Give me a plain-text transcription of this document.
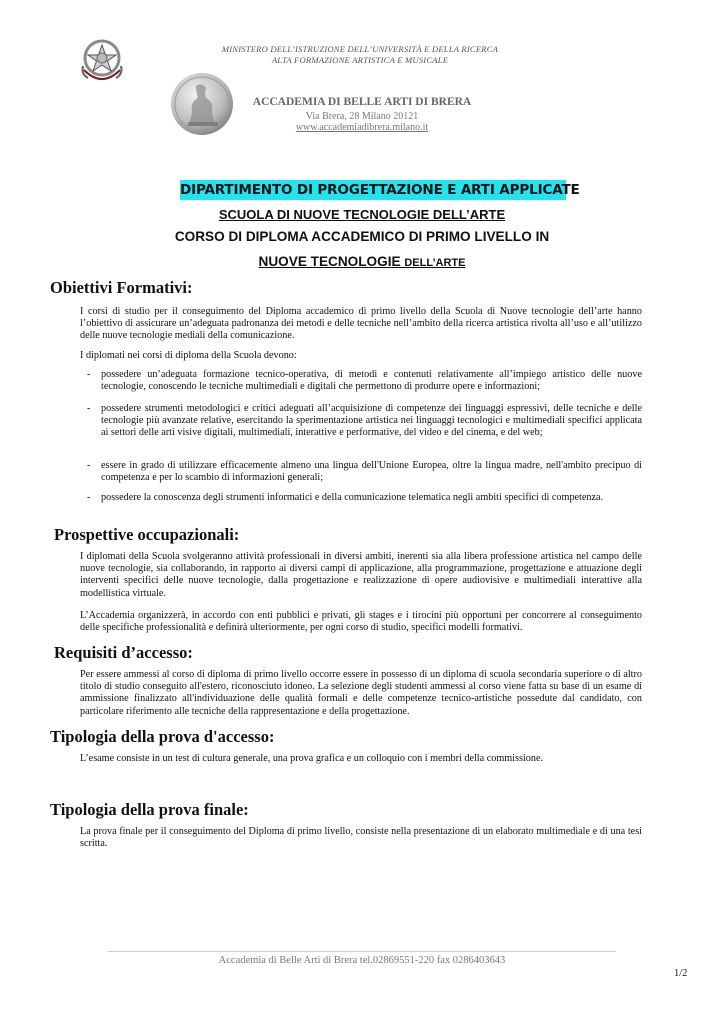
MINISTERO DELL’ISTRUZIONE DELL’UNIVERSITÀ E DELLA RICERCA
ALTA FORMAZIONE ARTISTICA E MUSICALE
ACCADEMIA DI BELLE ARTI DI BRERA
Via Brera, 28 Milano 20121
www.accademiadibrera.milano.it
DIPARTIMENTO DI PROGETTAZIONE E ARTI APPLICATE
SCUOLA DI NUOVE TECNOLOGIE DELL’ARTE
CORSO DI DIPLOMA ACCADEMICO DI PRIMO LIVELLO IN
NUOVE TECNOLOGIE DELL’ARTE
Obiettivi Formativi:

I corsi di studio per il conseguimento del Diploma accademico di primo livello della Scuola di Nuove tecnologie dell’arte hanno l’obiettivo di assicurare un’adeguata padronanza dei metodi e delle tecniche nell’ambito della ricerca artistica rivolta all’uso e all’utilizzo delle nuove tecnologie mediali della comunicazione.

I diplomati nei corsi di diploma della Scuola devono:

- possedere un’adeguata formazione tecnico-operativa, di metodi e contenuti relativamente all’impiego artistico delle nuove tecnologie, conoscendo le tecniche multimediali e digitali che permettono di produrre opere e informazioni;
- possedere strumenti metodologici e critici adeguati all’acquisizione di competenze dei linguaggi espressivi, delle tecniche e delle tecnologie più avanzate relative, esercitando la sperimentazione artistica nei linguaggi tecnologici e multimediali specifici applicata ai settori delle arti visive digitali, multimediali, interattive e performative, del video e del cinema, e del web;
- essere in grado di utilizzare efficacemente almeno una lingua dell'Unione Europea, oltre la lingua madre, nell'ambito precipuo di competenza e per lo scambio di informazioni generali;
- possedere la conoscenza degli strumenti informatici e della comunicazione telematica negli ambiti specifici di competenza.
Prospettive occupazionali:

I diplomati della Scuola svolgeranno attività professionali in diversi ambiti, inerenti sia alla libera professione artistica nel campo delle nuove tecnologie, sia collaborando, in rapporto ai diversi campi di applicazione, alla programmazione, progettazione e attuazione degli interventi specifici delle nuove tecnologie, dalla progettazione e realizzazione di opere audiovisive e multimediali interattive alla modellistica virtuale.

L’Accademia organizzerà, in accordo con enti pubblici e privati, gli stages e i tirocini più opportuni per concorrere al conseguimento delle specifiche professionalità e definirà ulteriormente, per ogni corso di studio, specifici modelli formativi.

Requisiti d’accesso:

Per essere ammessi al corso di diploma di primo livello occorre essere in possesso di un diploma di scuola secondaria superiore o di altro titolo di studio conseguito all'estero, riconosciuto idoneo. La selezione degli studenti ammessi al corso viene fatta su base di un esame di ammissione finalizzato all'individuazione delle qualità formali e delle competenze tecnico-artistiche possedute dal candidato, con particolare riferimento alle tecniche della rappresentazione e della progettazione.

Tipologia della prova d'accesso:

L’esame consiste in un test di cultura generale, una prova grafica e un colloquio con i membri della commissione.

Tipologia della prova finale:

La prova finale per il conseguimento del Diploma di primo livello, consiste nella presentazione di un elaborato multimediale e di una tesi scritta.

Accademia di Belle Arti di Brera tel.02869551-220 fax 0286403643
1/2
